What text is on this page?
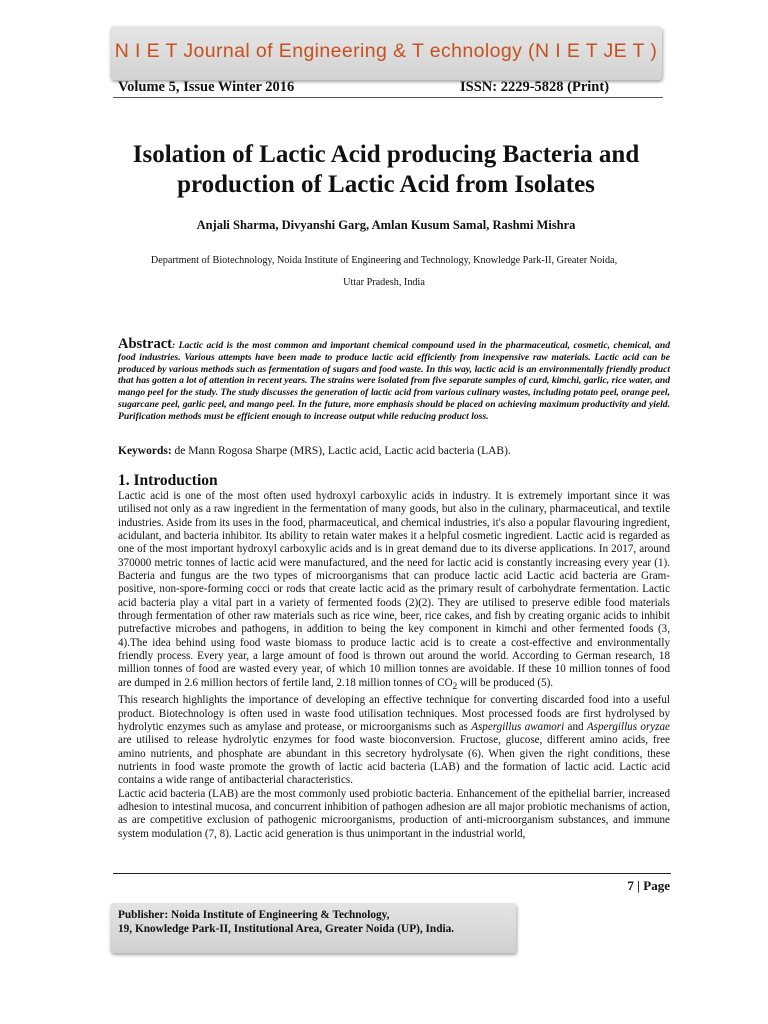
N I E T Journal of Engineering & T echnology (N I E T JE T )
Volume 5, Issue Winter 2016	ISSN: 2229-5828 (Print)
Isolation of Lactic Acid producing Bacteria and production of Lactic Acid from Isolates
Anjali Sharma, Divyanshi Garg, Amlan Kusum Samal, Rashmi Mishra
Department of Biotechnology, Noida Institute of Engineering and Technology, Knowledge Park-II, Greater Noida,
Uttar Pradesh, India
Abstract: Lactic acid is the most common and important chemical compound used in the pharmaceutical, cosmetic, chemical, and food industries. Various attempts have been made to produce lactic acid efficiently from inexpensive raw materials. Lactic acid can be produced by various methods such as fermentation of sugars and food waste. In this way, lactic acid is an environmentally friendly product that has gotten a lot of attention in recent years. The strains were isolated from five separate samples of curd, kimchi, garlic, rice water, and mango peel for the study. The study discusses the generation of lactic acid from various culinary wastes, including potato peel, orange peel, sugarcane peel, garlic peel, and mango peel. In the future, more emphasis should be placed on achieving maximum productivity and yield. Purification methods must be efficient enough to increase output while reducing product loss.
Keywords: de Mann Rogosa Sharpe (MRS), Lactic acid, Lactic acid bacteria (LAB).
1. Introduction

Lactic acid is one of the most often used hydroxyl carboxylic acids in industry. It is extremely important since it was utilised not only as a raw ingredient in the fermentation of many goods, but also in the culinary, pharmaceutical, and textile industries. Aside from its uses in the food, pharmaceutical, and chemical industries, it's also a popular flavouring ingredient, acidulant, and bacteria inhibitor. Its ability to retain water makes it a helpful cosmetic ingredient. Lactic acid is regarded as one of the most important hydroxyl carboxylic acids and is in great demand due to its diverse applications. In 2017, around 370000 metric tonnes of lactic acid were manufactured, and the need for lactic acid is constantly increasing every year (1). Bacteria and fungus are the two types of microorganisms that can produce lactic acid Lactic acid bacteria are Gram-positive, non-spore-forming cocci or rods that create lactic acid as the primary result of carbohydrate fermentation. Lactic acid bacteria play a vital part in a variety of fermented foods (2)(2). They are utilised to preserve edible food materials through fermentation of other raw materials such as rice wine, beer, rice cakes, and fish by creating organic acids to inhibit putrefactive microbes and pathogens, in addition to being the key component in kimchi and other fermented foods (3, 4).The idea behind using food waste biomass to produce lactic acid is to create a cost-effective and environmentally friendly process. Every year, a large amount of food is thrown out around the world. According to German research, 18 million tonnes of food are wasted every year, of which 10 million tonnes are avoidable. If these 10 million tonnes of food are dumped in 2.6 million hectors of fertile land, 2.18 million tonnes of $CO_2$ will be produced (5).

This research highlights the importance of developing an effective technique for converting discarded food into a useful product. Biotechnology is often used in waste food utilisation techniques. Most processed foods are first hydrolysed by hydrolytic enzymes such as amylase and protease, or microorganisms such as Aspergillus awamori and Aspergillus oryzae are utilised to release hydrolytic enzymes for food waste bioconversion. Fructose, glucose, different amino acids, free amino nutrients, and phosphate are abundant in this secretory hydrolysate (6). When given the right conditions, these nutrients in food waste promote the growth of lactic acid bacteria (LAB) and the formation of lactic acid. Lactic acid contains a wide range of antibacterial characteristics.

Lactic acid bacteria (LAB) are the most commonly used probiotic bacteria. Enhancement of the epithelial barrier, increased adhesion to intestinal mucosa, and concurrent inhibition of pathogen adhesion are all major probiotic mechanisms of action, as are competitive exclusion of pathogenic microorganisms, production of anti-microorganism substances, and immune system modulation (7, 8). Lactic acid generation is thus unimportant in the industrial world,

7 | Page
Publisher: Noida Institute of Engineering & Technology,
19, Knowledge Park-II, Institutional Area, Greater Noida (UP), India.
